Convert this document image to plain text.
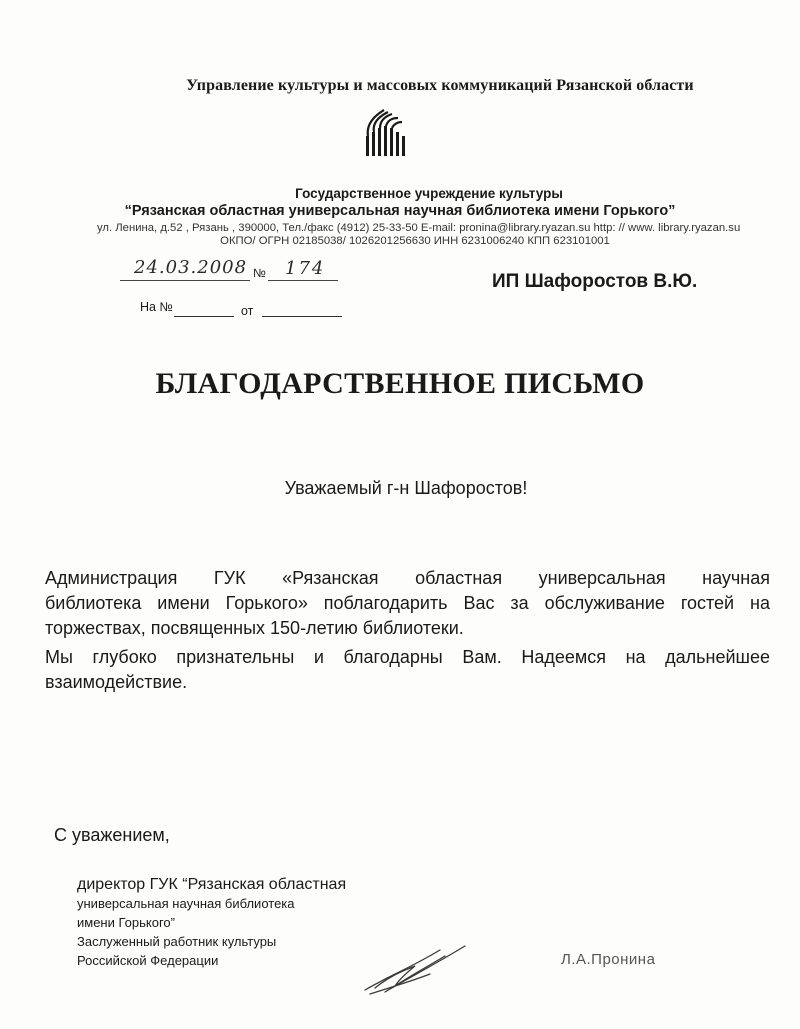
Управление культуры и массовых коммуникаций Рязанской области
Государственное учреждение культуры
“Рязанская областная универсальная научная библиотека имени Горького”
ул. Ленина, д.52 , Рязань , 390000, Тел./факс (4912) 25-33-50 E-mail: pronina@library.ryazan.su http: // www. library.ryazan.su
ОКПО/ ОГРН 02185038/ 1026201256630 ИНН 6231006240 КПП 623101001
24.03.2008 № 174
ИП Шафоростов В.Ю.
На №	от
БЛАГОДАРСТВЕННОЕ ПИСЬМО
Уважаемый г-н Шафоростов!
Администрация ГУК «Рязанская областная универсальная научная
библиотека имени Горького» поблагодарить Вас за обслуживание гостей на
торжествах, посвященных 150-летию библиотеки.
Мы глубоко признательны и благодарны Вам. Надеемся на дальнейшее
взаимодействие.
С уважением,
директор ГУК “Рязанская областная
универсальная научная библиотека
имени Горького”
Заслуженный работник культуры
Российской Федерации	Л.А.Пронина
